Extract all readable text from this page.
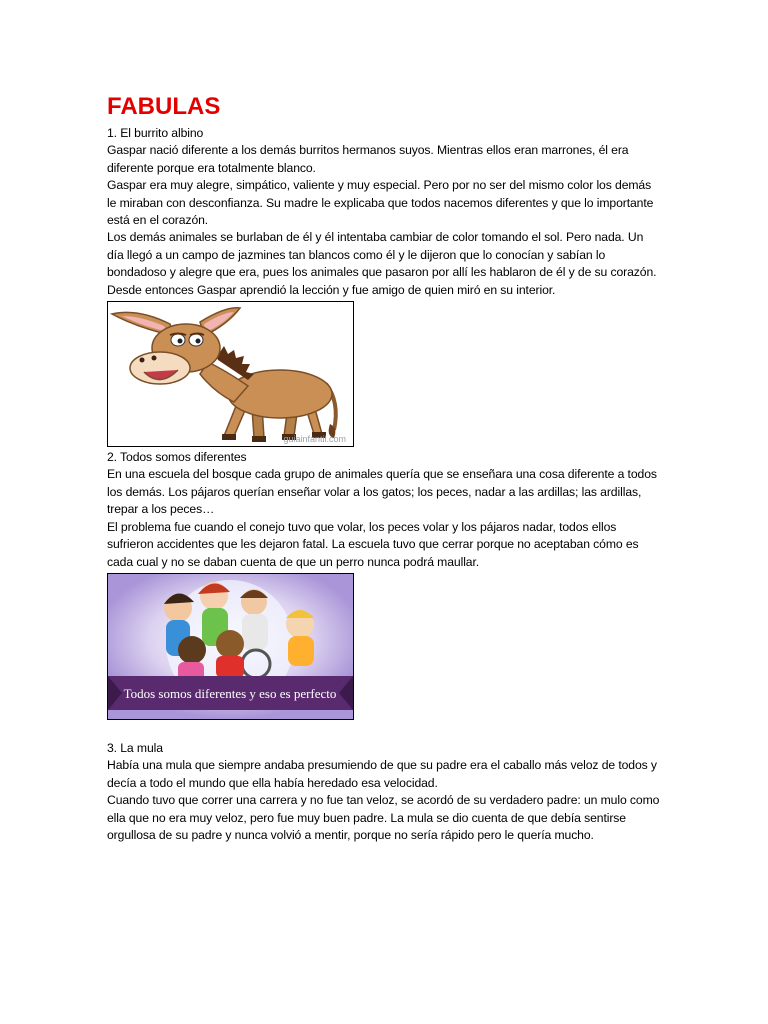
FABULAS

1. El burrito albino

Gaspar nació diferente a los demás burritos hermanos suyos. Mientras ellos eran marrones, él era diferente porque era totalmente blanco.

Gaspar era muy alegre, simpático, valiente y muy especial. Pero por no ser del mismo color los demás le miraban con desconfianza. Su madre le explicaba que todos nacemos diferentes y que lo importante está en el corazón.

Los demás animales se burlaban de él y él intentaba cambiar de color tomando el sol. Pero nada. Un día llegó a un campo de jazmines tan blancos como él y le dijeron que lo conocían y sabían lo bondadoso y alegre que era, pues los animales que pasaron por allí les hablaron de él y de su corazón. Desde entonces Gaspar aprendió la lección y fue amigo de quien miró en su interior.

guiainfantil.com

2. Todos somos diferentes

En una escuela del bosque cada grupo de animales quería que se enseñara una cosa diferente a todos los demás. Los pájaros querían enseñar volar a los gatos; los peces, nadar a las ardillas; las ardillas, trepar a los peces…

El problema fue cuando el conejo tuvo que volar, los peces volar y los pájaros nadar, todos ellos sufrieron accidentes que les dejaron fatal. La escuela tuvo que cerrar porque no aceptaban cómo es cada cual y no se daban cuenta de que un perro nunca podrá maullar.

Todos somos diferentes y eso es perfecto

3. La mula

Había una mula que siempre andaba presumiendo de que su padre era el caballo más veloz de todos y decía a todo el mundo que ella había heredado esa velocidad.

Cuando tuvo que correr una carrera y no fue tan veloz, se acordó de su verdadero padre: un mulo como ella que no era muy veloz, pero fue muy buen padre. La mula se dio cuenta de que debía sentirse orgullosa de su padre y nunca volvió a mentir, porque no sería rápido pero le quería mucho.
